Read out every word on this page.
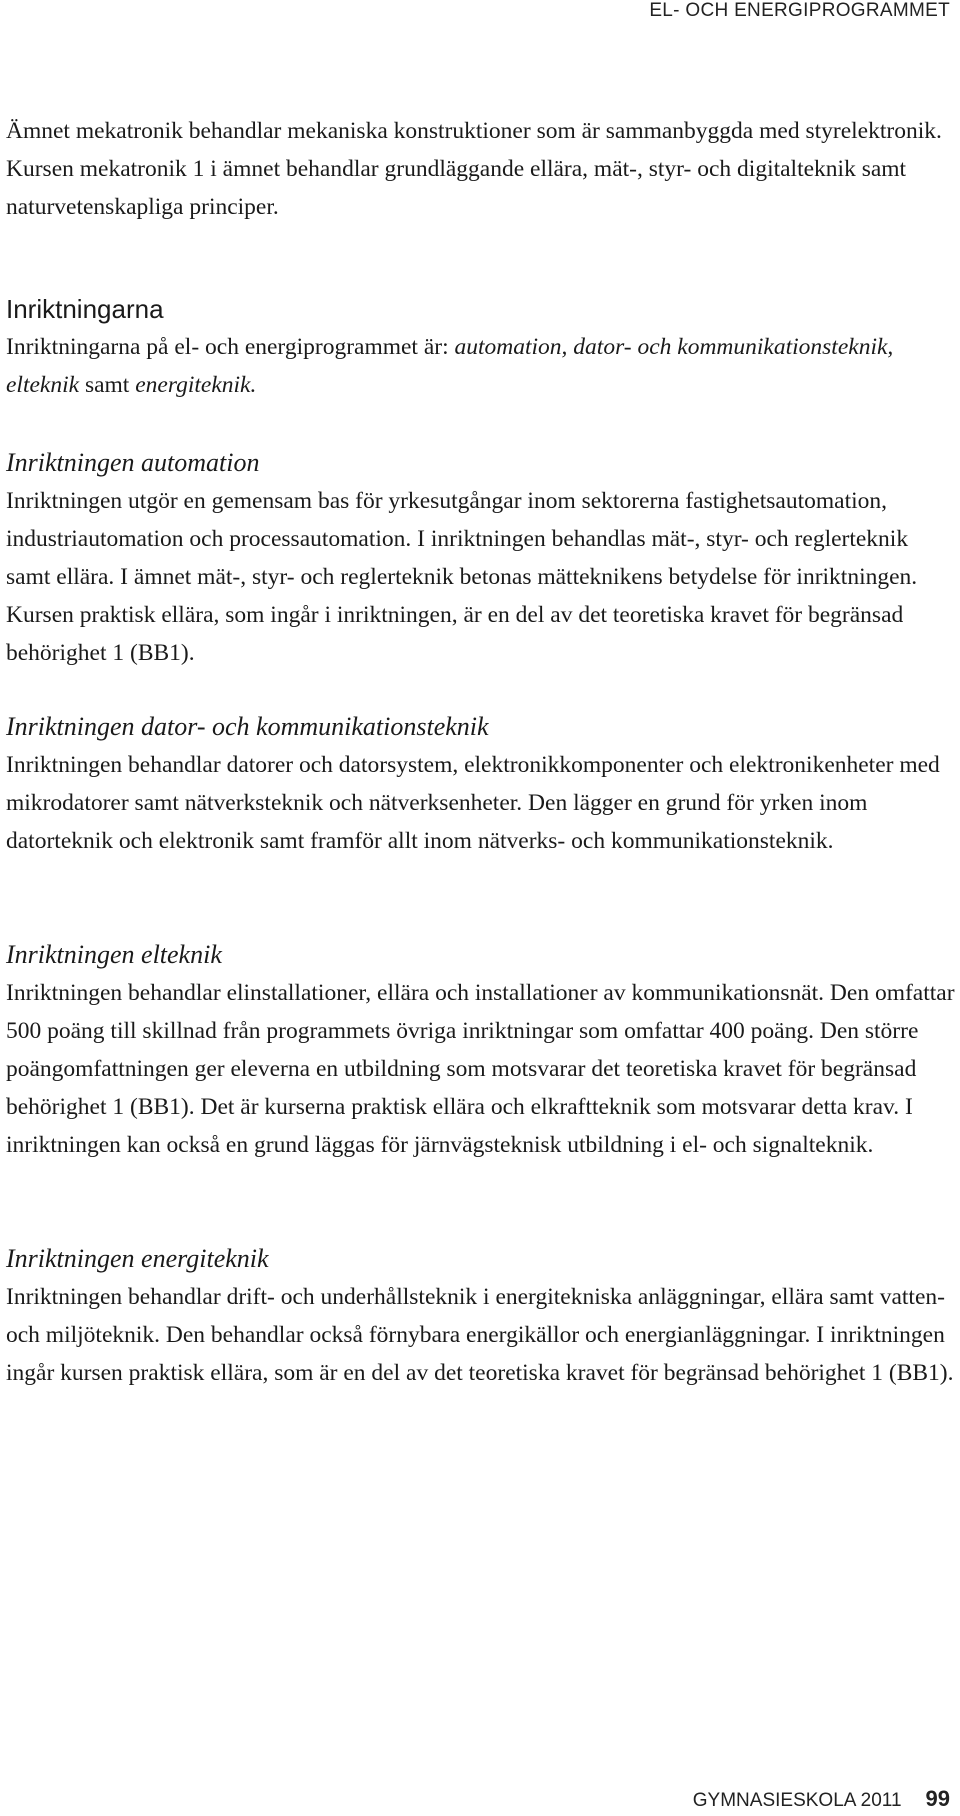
EL- OCH ENERGIPROGRAMMET

Ämnet mekatronik behandlar mekaniska konstruktioner som är sammanbyggda med styrelektronik. Kursen mekatronik 1 i ämnet behandlar grundläggande ellära, mät-, styr- och digitalteknik samt naturvetenskapliga principer.

Inriktningarna

Inriktningarna på el- och energiprogrammet är: automation, dator- och kommunikationsteknik, elteknik samt energiteknik.

Inriktningen automation

Inriktningen utgör en gemensam bas för yrkesutgångar inom sektorerna fastighetsautomation, industriautomation och processautomation. I inriktningen behandlas mät-, styr- och reglerteknik samt ellära. I ämnet mät-, styr- och reglerteknik betonas mätteknikens betydelse för inriktningen. Kursen praktisk ellära, som ingår i inriktningen, är en del av det teoretiska kravet för begränsad behörighet 1 (BB1).

Inriktningen dator- och kommunikationsteknik

Inriktningen behandlar datorer och datorsystem, elektronikkomponenter och elektronikenheter med mikrodatorer samt nätverksteknik och nätverksenheter. Den lägger en grund för yrken inom datorteknik och elektronik samt framför allt inom nätverks- och kommunikationsteknik.

Inriktningen elteknik

Inriktningen behandlar elinstallationer, ellära och installationer av kommunikationsnät. Den omfattar 500 poäng till skillnad från programmets övriga inriktningar som omfattar 400 poäng. Den större poängomfattningen ger eleverna en utbildning som motsvarar det teoretiska kravet för begränsad behörighet 1 (BB1). Det är kurserna praktisk ellära och elkraftteknik som motsvarar detta krav. I inriktningen kan också en grund läggas för järnvägsteknisk utbildning i el- och signalteknik.

Inriktningen energiteknik

Inriktningen behandlar drift- och underhållsteknik i energitekniska anläggningar, ellära samt vatten- och miljöteknik. Den behandlar också förnybara energikällor och energianläggningar. I inriktningen ingår kursen praktisk ellära, som är en del av det teoretiska kravet för begränsad behörighet 1 (BB1).

GYMNASIESKOLA 2011 99
